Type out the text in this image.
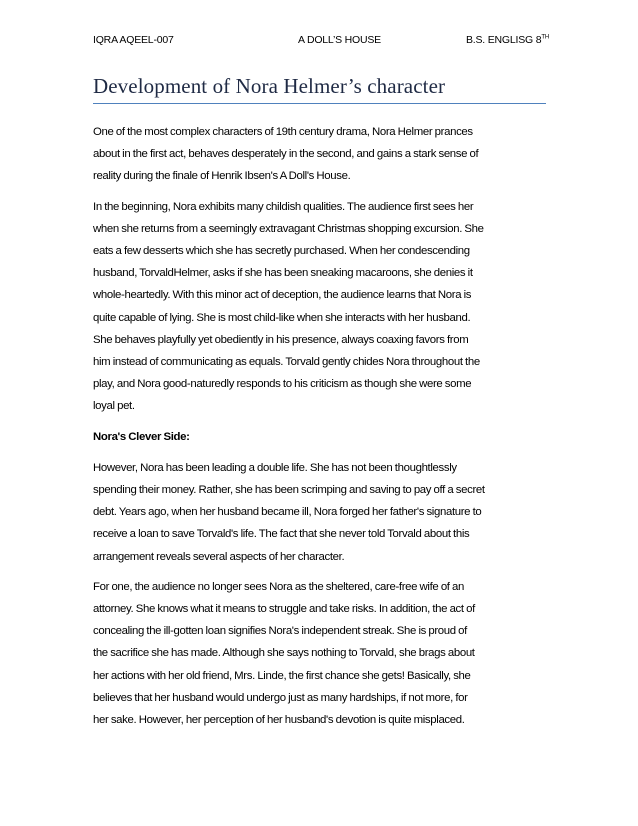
IQRA AQEEL-007	A DOLL’S HOUSE	B.S. ENGLISG 8TH
Development of Nora Helmer’s character

One of the most complex characters of 19th century drama, Nora Helmer prances
about in the first act, behaves desperately in the second, and gains a stark sense of
reality during the finale of Henrik Ibsen's A Doll's House.

In the beginning, Nora exhibits many childish qualities. The audience first sees her
when she returns from a seemingly extravagant Christmas shopping excursion. She
eats a few desserts which she has secretly purchased. When her condescending
husband, TorvaldHelmer, asks if she has been sneaking macaroons, she denies it
whole-heartedly. With this minor act of deception, the audience learns that Nora is
quite capable of lying. She is most child-like when she interacts with her husband.
She behaves playfully yet obediently in his presence, always coaxing favors from
him instead of communicating as equals. Torvald gently chides Nora throughout the
play, and Nora good-naturedly responds to his criticism as though she were some
loyal pet.

Nora's Clever Side:

However, Nora has been leading a double life. She has not been thoughtlessly
spending their money. Rather, she has been scrimping and saving to pay off a secret
debt. Years ago, when her husband became ill, Nora forged her father's signature to
receive a loan to save Torvald's life. The fact that she never told Torvald about this
arrangement reveals several aspects of her character.

For one, the audience no longer sees Nora as the sheltered, care-free wife of an
attorney. She knows what it means to struggle and take risks. In addition, the act of
concealing the ill-gotten loan signifies Nora's independent streak. She is proud of
the sacrifice she has made. Although she says nothing to Torvald, she brags about
her actions with her old friend, Mrs. Linde, the first chance she gets! Basically, she
believes that her husband would undergo just as many hardships, if not more, for
her sake. However, her perception of her husband's devotion is quite misplaced.
